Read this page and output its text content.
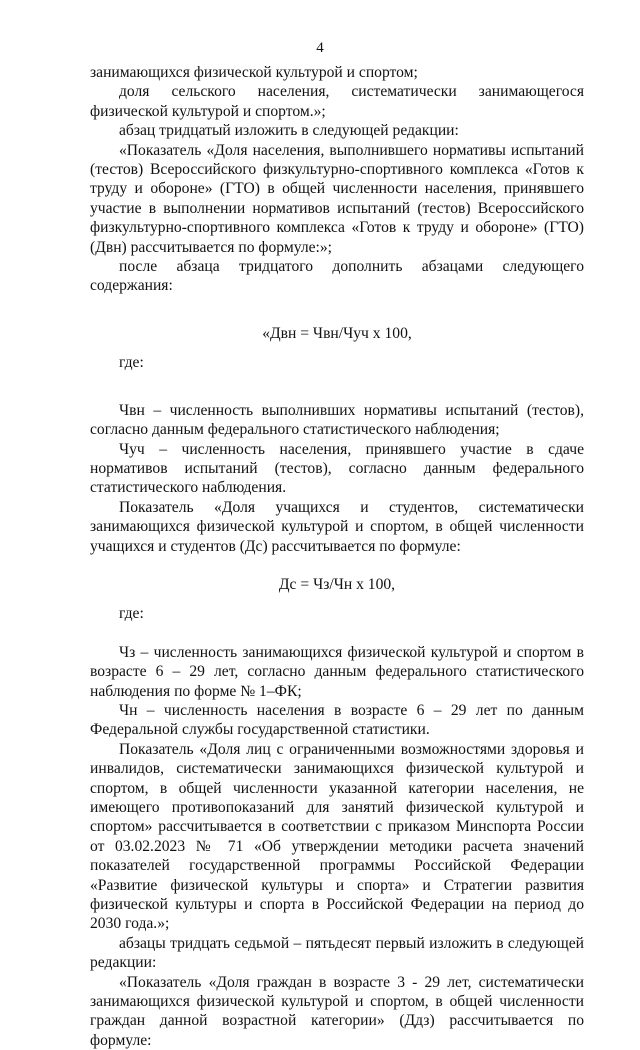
4

занимающихся физической культурой и спортом;

доля сельского населения, систематически занимающегося физической культурой и спортом.»;

абзац тридцатый изложить в следующей редакции:

«Показатель «Доля населения, выполнившего нормативы испытаний (тестов) Всероссийского физкультурно-спортивного комплекса «Готов к труду и обороне» (ГТО) в общей численности населения, принявшего участие в выполнении нормативов испытаний (тестов) Всероссийского физкультурно-спортивного комплекса «Готов к труду и обороне» (ГТО) (Двн) рассчитывается по формуле:»;

после абзаца тридцатого дополнить абзацами следующего содержания:

«Двн = Чвн/Чуч х 100,

где:

Чвн – численность выполнивших нормативы испытаний (тестов), согласно данным федерального статистического наблюдения;

Чуч – численность населения, принявшего участие в сдаче нормативов испытаний (тестов), согласно данным федерального статистического наблюдения.

Показатель «Доля учащихся и студентов, систематически занимающихся физической культурой и спортом, в общей численности учащихся и студентов (Дс) рассчитывается по формуле:

Дс = Чз/Чн х 100,

где:

Чз – численность занимающихся физической культурой и спортом в возрасте 6 – 29 лет, согласно данным федерального статистического наблюдения по форме № 1–ФК;

Чн – численность населения в возрасте 6 – 29 лет по данным Федеральной службы государственной статистики.

Показатель «Доля лиц с ограниченными возможностями здоровья и инвалидов, систематически занимающихся физической культурой и спортом, в общей численности указанной категории населения, не имеющего противопоказаний для занятий физической культурой и спортом» рассчитывается в соответствии с приказом Минспорта России от 03.02.2023 № 71 «Об утверждении методики расчета значений показателей государственной программы Российской Федерации «Развитие физической культуры и спорта» и Стратегии развития физической культуры и спорта в Российской Федерации на период до 2030 года.»;

абзацы тридцать седьмой – пятьдесят первый изложить в следующей редакции:

«Показатель «Доля граждан в возрасте 3 - 29 лет, систематически занимающихся физической культурой и спортом, в общей численности граждан данной возрастной категории» (Ддз) рассчитывается по формуле:
